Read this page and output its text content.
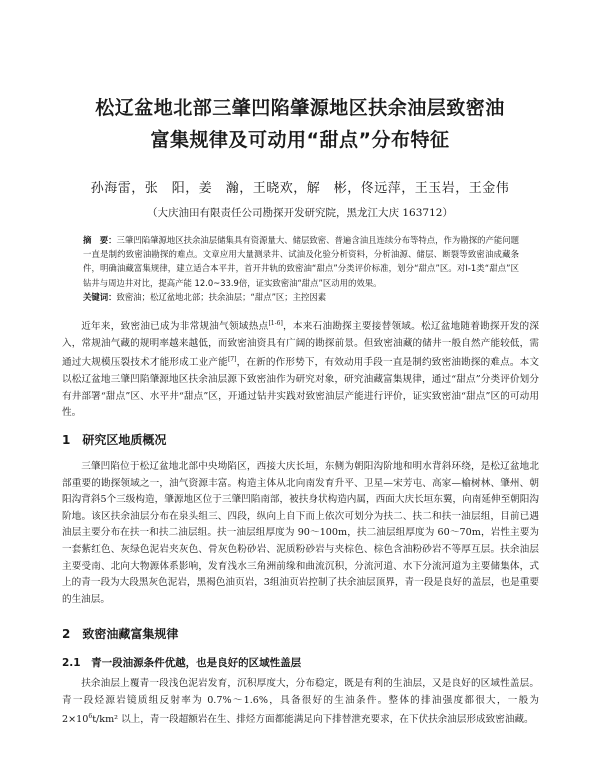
松辽盆地北部三肇凹陷肇源地区扶余油层致密油
富集规律及可动用“甜点”分布特征
孙海雷，张　阳，姜　瀚，王晓欢，解　彬，佟远萍，王玉岩，王金伟
（大庆油田有限责任公司勘探开发研究院，黑龙江大庆 163712）
摘　要：三肇凹陷肇源地区扶余油层储集具有资源量大、储层致密、普遍含油且连续分布等特点，作为勘探的产能问题一直是制约致密油勘探的难点。文章应用大量测录井、试油及化验分析资料，分析油源、储层、断裂等致密油成藏条件，明确油藏富集规律，建立适合本平井，首开井轨的致密油“甜点”分类评价标准，划分“甜点”区。对I-1类“甜点”区钻井与周边井对比，提高产能 12.0~33.9倍，证实致密油“甜点”区动用的效果。
关键词：致密油；松辽盆地北部；扶余油层；“甜点”区；主控因素
近年来，致密油已成为非常规油气领域热点[1-6]，本来石油勘探主要接替领域。松辽盆地随着勘探开发的深入，常规油气藏的规明率越来越低，而致密油资具有广阔的勘探前景。但致密油藏的储井一般自然产能较低，需通过大规模压裂技术才能形成工业产能[7]，在新的作形势下，有效动用手段一直是制约致密油勘探的难点。本文以松辽盆地三肇凹陷肇源地区扶余油层源下致密油作为研究对象，研究油藏富集规律，通过“甜点”分类评价划分有井部署“甜点”区、水平井“甜点”区，开通过钻井实践对致密油层产能进行评价，证实致密油“甜点”区的可动用性。
1　研究区地质概况
三肇凹陷位于松辽盆地北部中央坳陷区，西接大庆长垣，东侧为朝阳沟阶地和明水背斜环绕，是松辽盆地北部重要的勘探领域之一，油气资源丰富。构造主体从北向南发育升平、卫星—宋芳屯、高家—榆树林、肇州、朝阳沟背斜5个三级构造，肇源地区位于三肇凹陷南部，被扶身状构造内属，西面大庆长垣东翼，向南延伸至朝阳沟阶地。该区扶余油层分布在泉头组三、四段，纵向上自下而上依次可划分为扶二、扶二和扶一油层组，目前已遇油层主要分布在扶一和扶二油层组。扶一油层组厚度为 90～100m，扶二油层组厚度为 60～70m，岩性主要为一套紫红色、灰绿色泥岩夹灰色、骨灰色粉砂岩、泥质粉砂岩与夹棕色、棕色含油粉砂岩不等厚互层。扶余油层主要受南、北向大物源体系影响，发育浅水三角洲前缘和曲流沉积，分流河道、水下分流河道为主要储集体，式上的青一段为大段黑灰色泥岩，黑褐色油页岩，3组油页岩控制了扶余油层顶界，青一段是良好的盖层，也是重要的生油层。
2　致密油藏富集规律
2.1　青一段油源条件优越，也是良好的区域性盖层
扶余油层上覆青一段浅色泥岩发育，沉积厚度大，分布稳定，既是有利的生油层，又是良好的区域性盖层。青一段烃源岩镜质组反射率为 0.7%～1.6%，具备很好的生油条件。整体的排油强度都很大，一般为 $2\times 10^6t$/km² 以上，青一段超额岩在生、排烃方面都能满足向下排替泄充要求，在下伏扶余油层形成致密油藏。
